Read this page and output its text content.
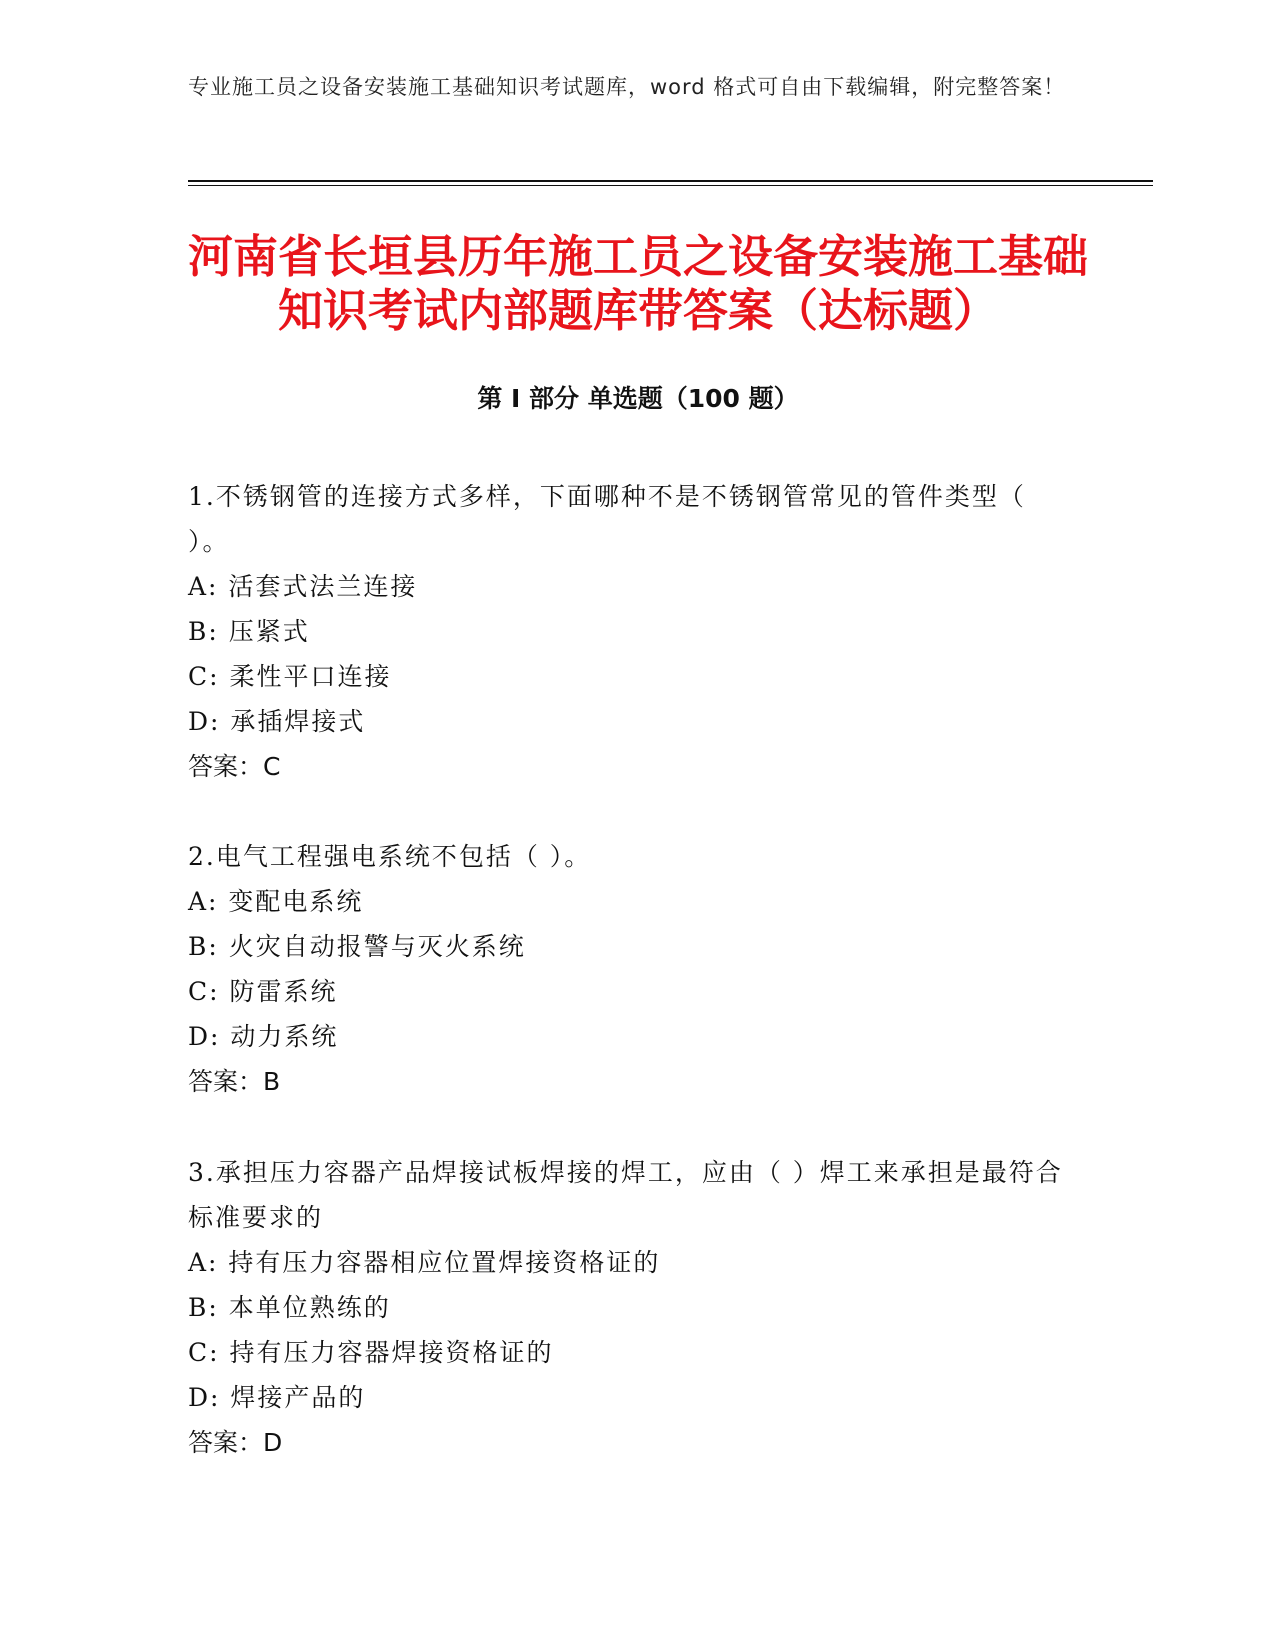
专业施工员之设备安装施工基础知识考试题库，word 格式可自由下载编辑，附完整答案！
河南省长垣县历年施工员之设备安装施工基础知识考试内部题库带答案（达标题）
第 I 部分 单选题（100 题）
1.不锈钢管的连接方式多样，下面哪种不是不锈钢管常见的管件类型（ ）。
A: 活套式法兰连接
B: 压紧式
C: 柔性平口连接
D: 承插焊接式
答案：C
2.电气工程强电系统不包括（ ）。
A: 变配电系统
B: 火灾自动报警与灭火系统
C: 防雷系统
D: 动力系统
答案：B
3.承担压力容器产品焊接试板焊接的焊工，应由（ ）焊工来承担是最符合标准要求的
A: 持有压力容器相应位置焊接资格证的
B: 本单位熟练的
C: 持有压力容器焊接资格证的
D: 焊接产品的
答案：D
